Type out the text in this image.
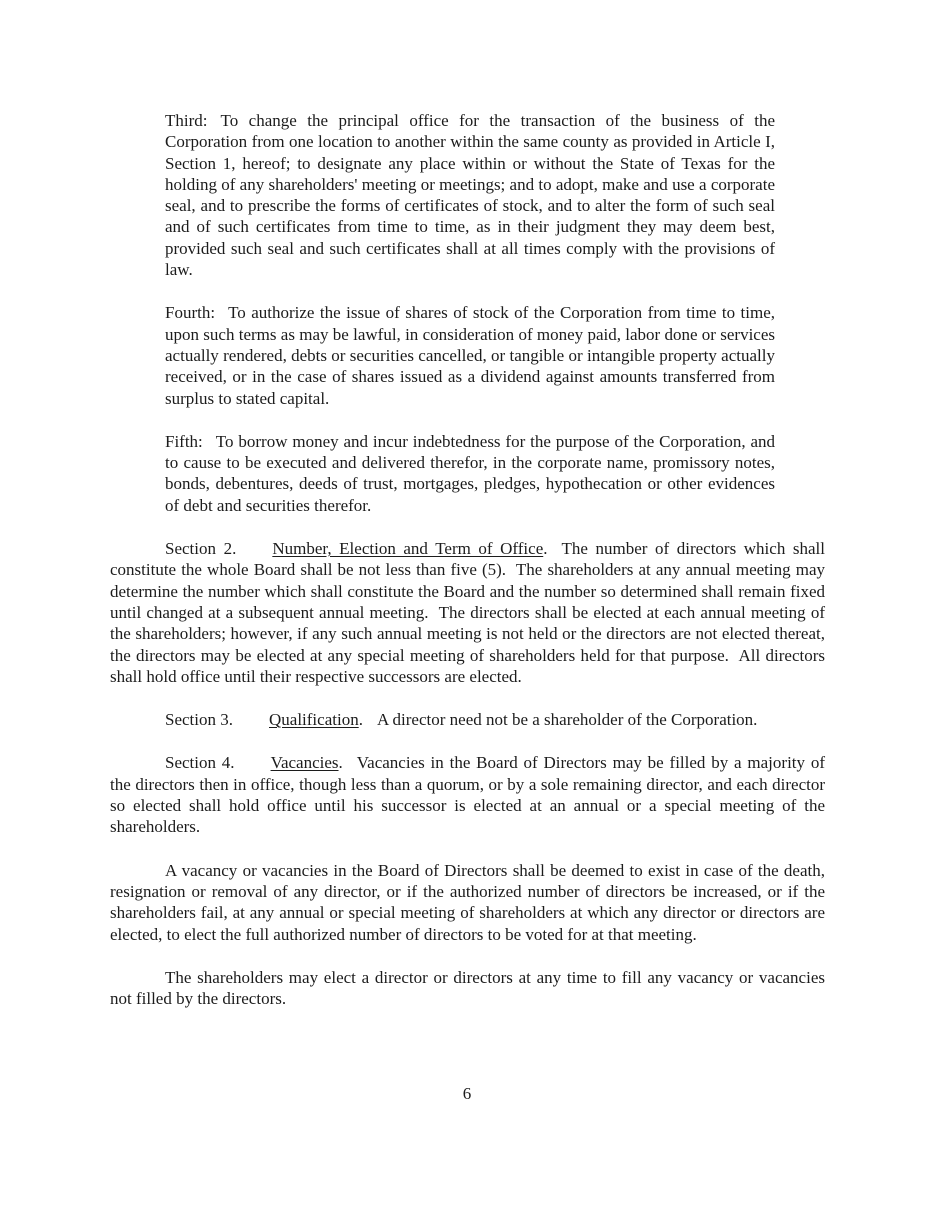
Third: To change the principal office for the transaction of the business of the Corporation from one location to another within the same county as provided in Article I, Section 1, hereof; to designate any place within or without the State of Texas for the holding of any shareholders' meeting or meetings; and to adopt, make and use a corporate seal, and to prescribe the forms of certificates of stock, and to alter the form of such seal and of such certificates from time to time, as in their judgment they may deem best, provided such seal and such certificates shall at all times comply with the provisions of law.

Fourth: To authorize the issue of shares of stock of the Corporation from time to time, upon such terms as may be lawful, in consideration of money paid, labor done or services actually rendered, debts or securities cancelled, or tangible or intangible property actually received, or in the case of shares issued as a dividend against amounts transferred from surplus to stated capital.

Fifth: To borrow money and incur indebtedness for the purpose of the Corporation, and to cause to be executed and delivered therefor, in the corporate name, promissory notes, bonds, debentures, deeds of trust, mortgages, pledges, hypothecation or other evidences of debt and securities therefor.

Section 2. Number, Election and Term of Office. The number of directors which shall constitute the whole Board shall be not less than five (5).  The shareholders at any annual meeting may determine the number which shall constitute the Board and the number so determined shall remain fixed until changed at a subsequent annual meeting.  The directors shall be elected at each annual meeting of the shareholders; however, if any such annual meeting is not held or the directors are not elected thereat, the directors may be elected at any special meeting of shareholders held for that purpose.  All directors shall hold office until their respective successors are elected.

Section 3. Qualification. A director need not be a shareholder of the Corporation.

Section 4. Vacancies. Vacancies in the Board of Directors may be filled by a majority of the directors then in office, though less than a quorum, or by a sole remaining director, and each director so elected shall hold office until his successor is elected at an annual or a special meeting of the shareholders.

A vacancy or vacancies in the Board of Directors shall be deemed to exist in case of the death, resignation or removal of any director, or if the authorized number of directors be increased, or if the shareholders fail, at any annual or special meeting of shareholders at which any director or directors are elected, to elect the full authorized number of directors to be voted for at that meeting.

The shareholders may elect a director or directors at any time to fill any vacancy or vacancies not filled by the directors.

6
